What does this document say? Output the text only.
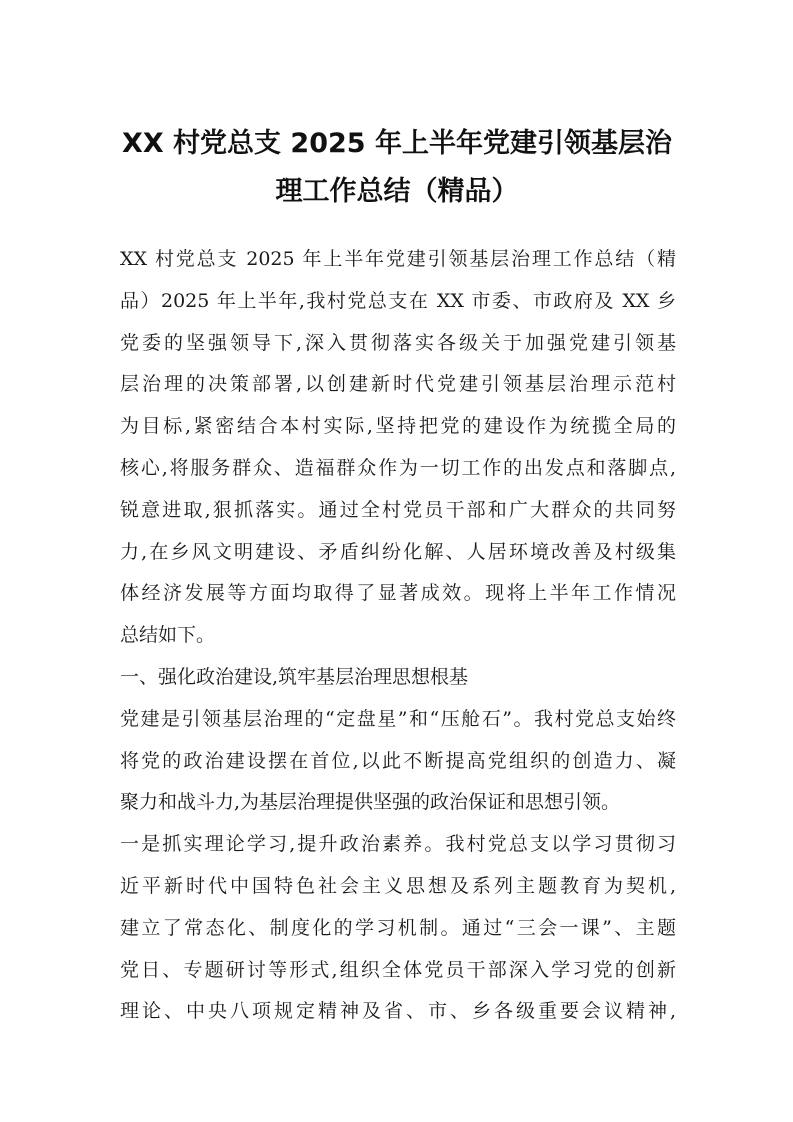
XX 村党总支 2025 年上半年党建引领基层治
理工作总结（精品）
XX 村党总支 2025 年上半年党建引领基层治理工作总结（精
品）2025 年上半年,我村党总支在 XX 市委、市政府及 XX 乡
党委的坚强领导下,深入贯彻落实各级关于加强党建引领基
层治理的决策部署,以创建新时代党建引领基层治理示范村
为目标,紧密结合本村实际,坚持把党的建设作为统揽全局的
核心,将服务群众、造福群众作为一切工作的出发点和落脚点,
锐意进取,狠抓落实。通过全村党员干部和广大群众的共同努
力,在乡风文明建设、矛盾纠纷化解、人居环境改善及村级集
体经济发展等方面均取得了显著成效。现将上半年工作情况
总结如下。
一、强化政治建设,筑牢基层治理思想根基
党建是引领基层治理的“定盘星”和“压舱石”。我村党总支始终
将党的政治建设摆在首位,以此不断提高党组织的创造力、凝
聚力和战斗力,为基层治理提供坚强的政治保证和思想引领。
一是抓实理论学习,提升政治素养。我村党总支以学习贯彻习
近平新时代中国特色社会主义思想及系列主题教育为契机,
建立了常态化、制度化的学习机制。通过“三会一课”、主题
党日、专题研讨等形式,组织全体党员干部深入学习党的创新
理论、中央八项规定精神及省、市、乡各级重要会议精神,
